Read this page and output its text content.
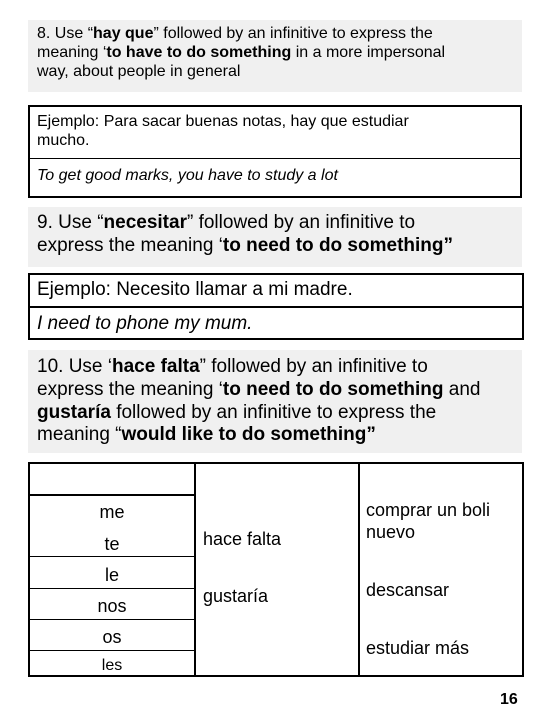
8. Use “hay que” followed by an infinitive to express the
meaning ‘to have to do something in a more impersonal
way, about people in general
Ejemplo: Para sacar buenas notas, hay que estudiar mucho.
To get good marks, you have to study a lot
9. Use “necesitar” followed by an infinitive to
express the meaning ‘to need to do something”
Ejemplo: Necesito llamar a mi madre.
I need to phone my mum.
10. Use ‘hace falta” followed by an infinitive to
express the meaning ‘to need to do something and
gustaría followed by an infinitive to express the
meaning “would like to do something”
me
te
le
nos
os
les
hace falta
gustaría
comprar un boli nuevo
descansar
estudiar más
16
